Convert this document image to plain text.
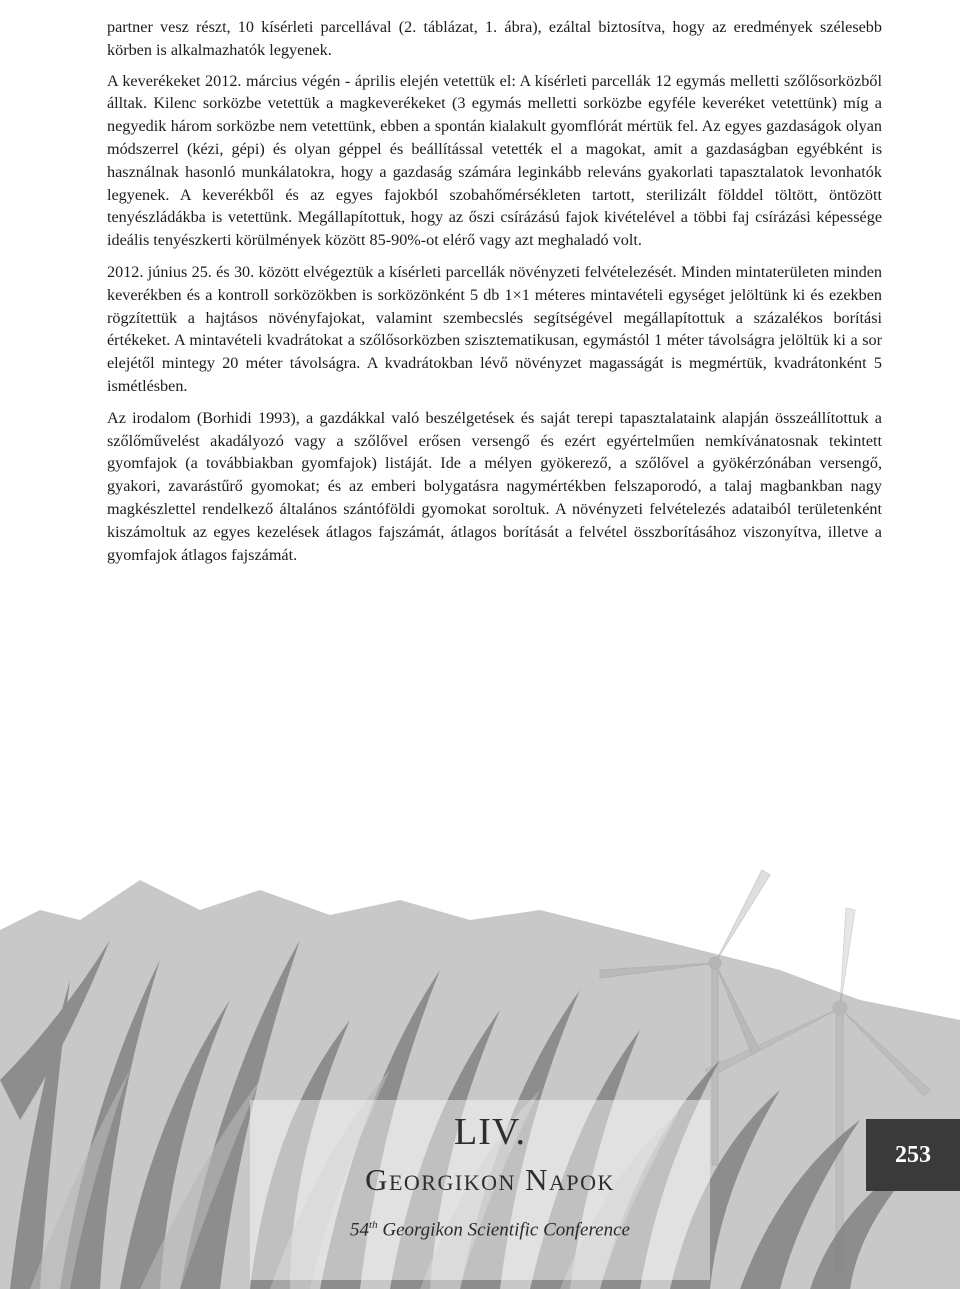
partner vesz részt, 10 kísérleti parcellával (2. táblázat, 1. ábra), ezáltal biztosítva, hogy az eredmények szélesebb körben is alkalmazhatók legyenek.

A keverékeket 2012. március végén - április elején vetettük el: A kísérleti parcellák 12 egymás melletti szőlősorközből álltak. Kilenc sorközbe vetettük a magkeverékeket (3 egymás melletti sorközbe egyféle keveréket vetettünk) míg a negyedik három sorközbe nem vetettünk, ebben a spontán kialakult gyomflórát mértük fel. Az egyes gazdaságok olyan módszerrel (kézi, gépi) és olyan géppel és beállítással vetették el a magokat, amit a gazdaságban egyébként is használnak hasonló munkálatokra, hogy a gazdaság számára leginkább releváns gyakorlati tapasztalatok levonhatók legyenek. A keverékből és az egyes fajokból szobahőmérsékleten tartott, sterilizált földdel töltött, öntözött tenyészládákba is vetettünk. Megállapítottuk, hogy az őszi csírázású fajok kivételével a többi faj csírázási képessége ideális tenyészkerti körülmények között 85-90%-ot elérő vagy azt meghaladó volt.

2012. június 25. és 30. között elvégeztük a kísérleti parcellák növényzeti felvételezését. Minden mintaterületen minden keverékben és a kontroll sorközökben is sorközönként 5 db 1×1 méteres mintavételi egységet jelöltünk ki és ezekben rögzítettük a hajtásos növényfajokat, valamint szembecslés segítségével megállapítottuk a százalékos borítási értékeket. A mintavételi kvadrátokat a szőlősorközben szisztematikusan, egymástól 1 méter távolságra jelöltük ki a sor elejétől mintegy 20 méter távolságra. A kvadrátokban lévő növényzet magasságát is megmértük, kvadrátonként 5 ismétlésben.

Az irodalom (Borhidi 1993), a gazdákkal való beszélgetések és saját terepi tapasztalataink alapján összeállítottuk a szőlőművelést akadályozó vagy a szőlővel erősen versengő és ezért egyértelműen nemkívánatosnak tekintett gyomfajok (a továbbiakban gyomfajok) listáját. Ide a mélyen gyökerező, a szőlővel a gyökérzónában versengő, gyakori, zavarástűrő gyomokat; és az emberi bolygatásra nagymértékben felszaporodó, a talaj magbankban nagy magkészlettel rendelkező általános szántóföldi gyomokat soroltuk. A növényzeti felvételezés adataiból területenként kiszámoltuk az egyes kezelések átlagos fajszámát, átlagos borítását a felvétel összborításához viszonyítva, illetve a gyomfajok átlagos fajszámát.

LIV.
Georgikon Napok
54th Georgikon Scientific Conference
253
